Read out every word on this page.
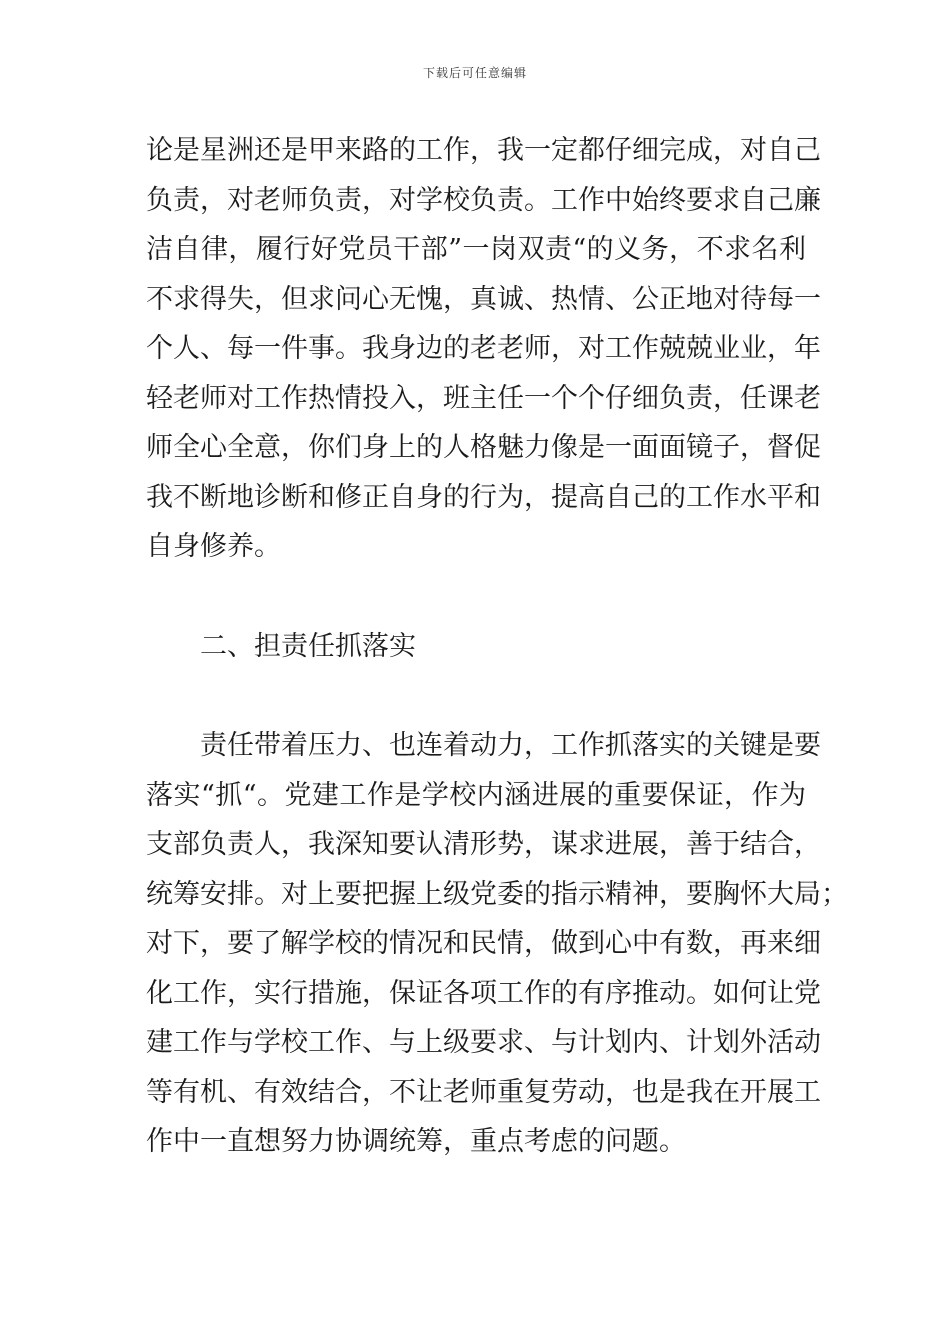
下载后可任意编辑
论是星洲还是甲来路的工作，我一定都仔细完成，对自己
负责，对老师负责，对学校负责。工作中始终要求自己廉
洁自律，履行好党员干部”一岗双责“的义务，不求名利
不求得失，但求问心无愧，真诚、热情、公正地对待每一
个人、每一件事。我身边的老老师，对工作兢兢业业，年
轻老师对工作热情投入，班主任一个个仔细负责，任课老
师全心全意，你们身上的人格魅力像是一面面镜子，督促
我不断地诊断和修正自身的行为，提高自己的工作水平和
自身修养。
二、担责任抓落实
责任带着压力、也连着动力，工作抓落实的关键是要
落实“抓“。党建工作是学校内涵进展的重要保证，作为
支部负责人，我深知要认清形势，谋求进展，善于结合，
统筹安排。对上要把握上级党委的指示精神，要胸怀大局；
对下，要了解学校的情况和民情，做到心中有数，再来细
化工作，实行措施，保证各项工作的有序推动。如何让党
建工作与学校工作、与上级要求、与计划内、计划外活动
等有机、有效结合，不让老师重复劳动，也是我在开展工
作中一直想努力协调统筹，重点考虑的问题。
